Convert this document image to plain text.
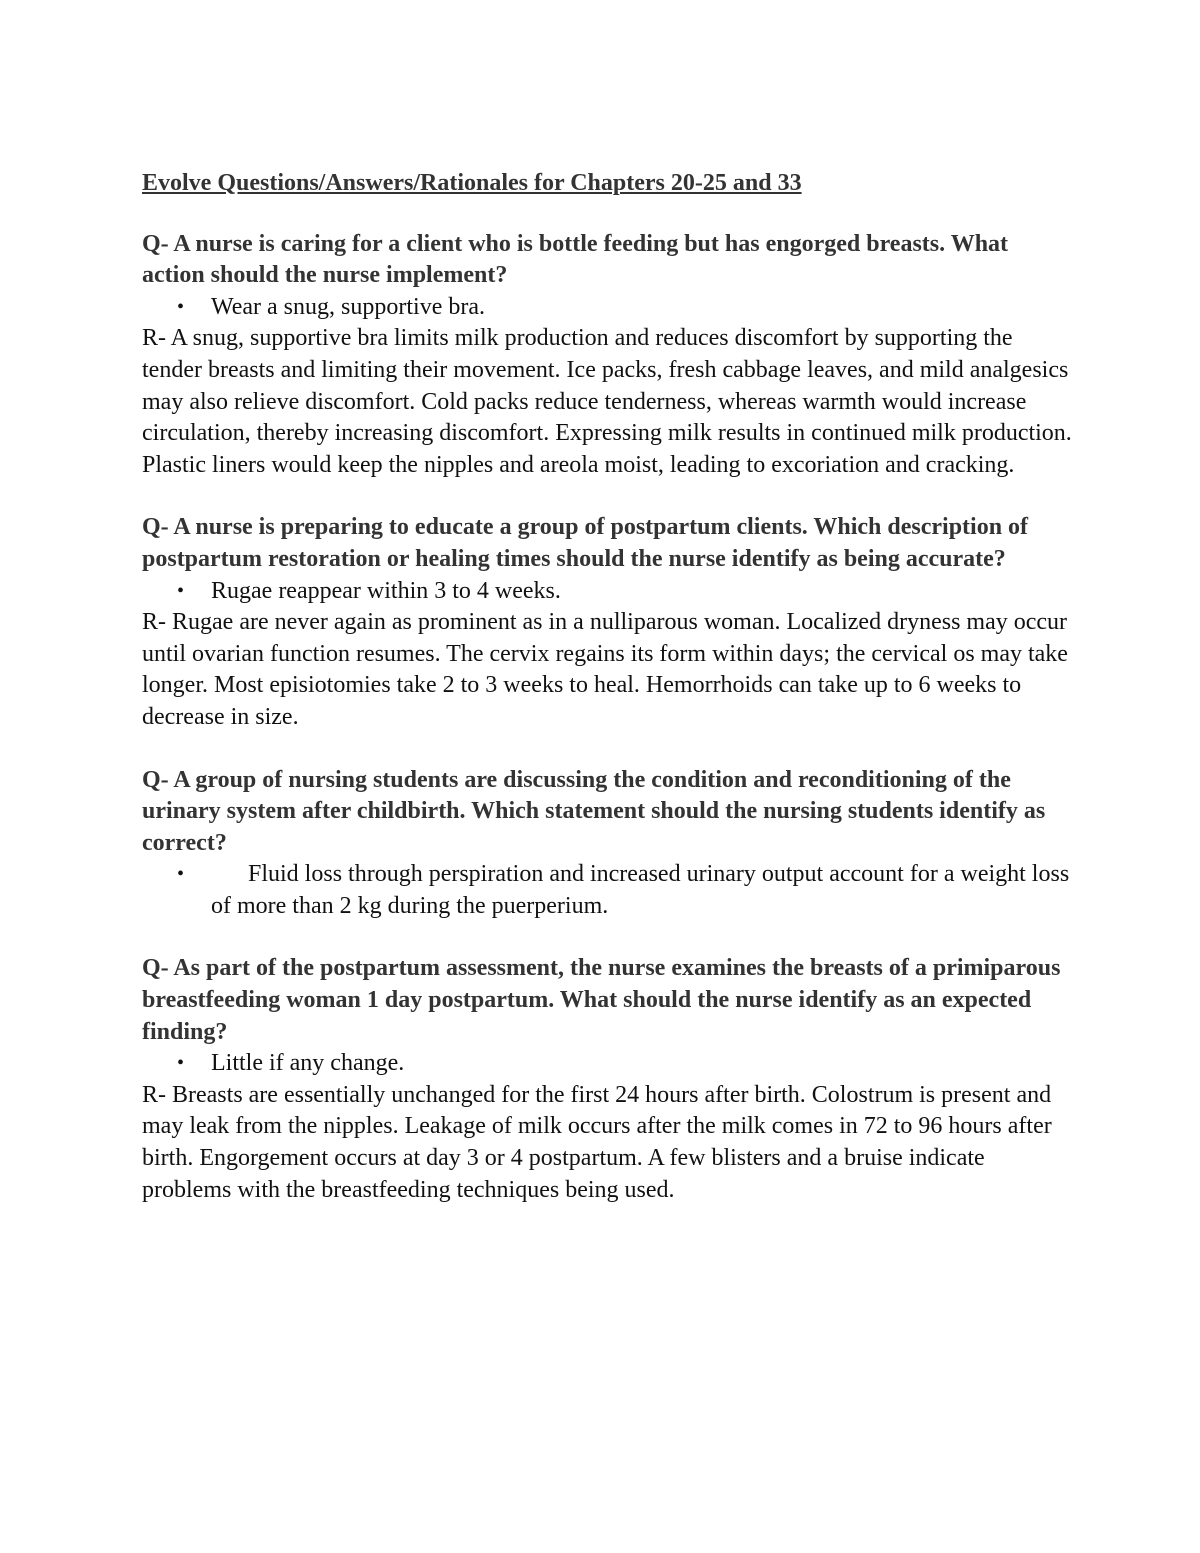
Evolve Questions/Answers/Rationales for Chapters 20-25 and 33

Q- A nurse is caring for a client who is bottle feeding but has engorged breasts. What action should the nurse implement?

• Wear a snug, supportive bra.

R- A snug, supportive bra limits milk production and reduces discomfort by supporting the tender breasts and limiting their movement. Ice packs, fresh cabbage leaves, and mild analgesics may also relieve discomfort. Cold packs reduce tenderness, whereas warmth would increase circulation, thereby increasing discomfort. Expressing milk results in continued milk production. Plastic liners would keep the nipples and areola moist, leading to excoriation and cracking.

Q- A nurse is preparing to educate a group of postpartum clients. Which description of postpartum restoration or healing times should the nurse identify as being accurate?

• Rugae reappear within 3 to 4 weeks.

R- Rugae are never again as prominent as in a nulliparous woman. Localized dryness may occur until ovarian function resumes. The cervix regains its form within days; the cervical os may take longer. Most episiotomies take 2 to 3 weeks to heal. Hemorrhoids can take up to 6 weeks to decrease in size.

Q- A group of nursing students are discussing the condition and reconditioning of the urinary system after childbirth. Which statement should the nursing students identify as correct?

•	Fluid loss through perspiration and increased urinary output account for a weight loss of more than 2 kg during the puerperium.

Q- As part of the postpartum assessment, the nurse examines the breasts of a primiparous breastfeeding woman 1 day postpartum. What should the nurse identify as an expected finding?

• Little if any change.

R- Breasts are essentially unchanged for the first 24 hours after birth. Colostrum is present and may leak from the nipples. Leakage of milk occurs after the milk comes in 72 to 96 hours after birth. Engorgement occurs at day 3 or 4 postpartum. A few blisters and a bruise indicate problems with the breastfeeding techniques being used.
